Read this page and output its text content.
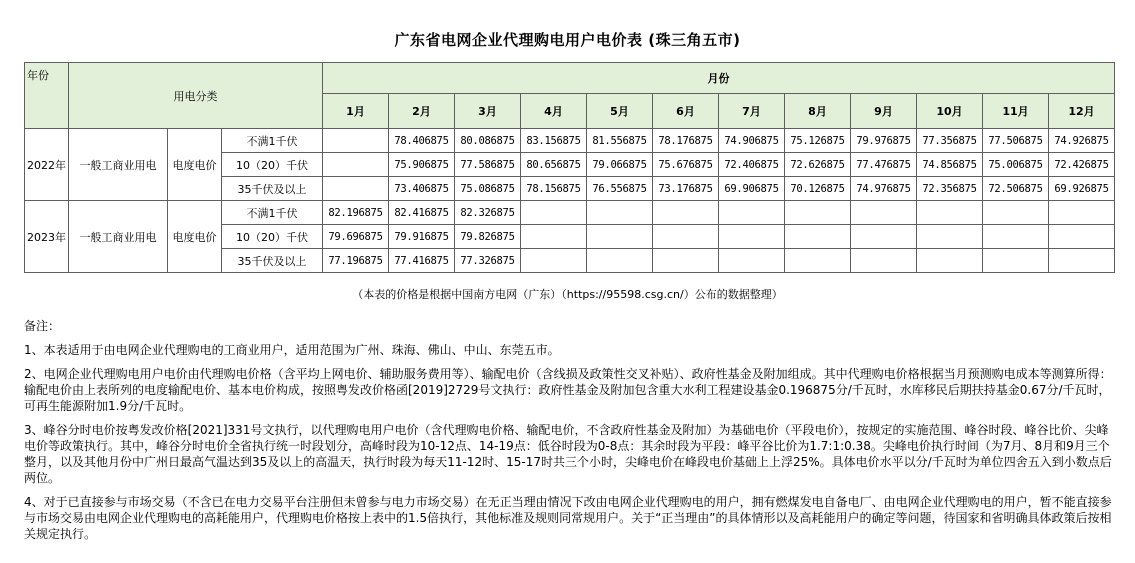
广东省电网企业代理购电用户电价表 (珠三角五市)
年份	用电分类			月份											
				1月	2月	3月	4月	5月	6月	7月	8月	9月	10月	11月	12月
2022年	一般工商业用电	电度电价	不满1千伏		78.406875	80.086875	83.156875	81.556875	78.176875	74.906875	75.126875	79.976875	77.356875	77.506875	74.926875
			10（20）千伏		75.906875	77.586875	80.656875	79.066875	75.676875	72.406875	72.626875	77.476875	74.856875	75.006875	72.426875
			35千伏及以上		73.406875	75.086875	78.156875	76.556875	73.176875	69.906875	70.126875	74.976875	72.356875	72.506875	69.926875
2023年	一般工商业用电	电度电价	不满1千伏	82.196875	82.416875	82.326875									
			10（20）千伏	79.696875	79.916875	79.826875									
			35千伏及以上	77.196875	77.416875	77.326875									
（本表的价格是根据中国南方电网（广东）（https://95598.csg.cn/）公布的数据整理）

备注：

1、本表适用于由电网企业代理购电的工商业用户，适用范围为广州、珠海、佛山、中山、东莞五市。

2、电网企业代理购电用户电价由代理购电价格（含平均上网电价、辅助服务费用等）、输配电价（含线损及政策性交叉补贴）、政府性基金及附加组成。其中代理购电价格根据当月预测购电成本等测算所得：输配电价由上表所列的电度输配电价、基本电价构成，按照粤发改价格函[2019]2729号文执行：政府性基金及附加包含重大水利工程建设基金0.196875分/千瓦时，水库移民后期扶持基金0.67分/千瓦时，可再生能源附加1.9分/千瓦时。

3、峰谷分时电价按粤发改价格[2021]331号文执行，以代理购电用户电价（含代理购电价格、输配电价，不含政府性基金及附加）为基础电价（平段电价），按规定的实施范围、峰谷时段、峰谷比价、尖峰电价等政策执行。其中，峰谷分时电价全省执行统一时段划分，高峰时段为10-12点、14-19点：低谷时段为0-8点：其余时段为平段：峰平谷比价为1.7:1:0.38。尖峰电价执行时间（为7月、8月和9月三个整月，以及其他月份中广州日最高气温达到35及以上的高温天，执行时段为每天11-12时、15-17时共三个小时，尖峰电价在峰段电价基础上上浮25%。具体电价水平以分/千瓦时为单位四舍五入到小数点后两位。

4、对于已直接参与市场交易（不含已在电力交易平台注册但未曾参与电力市场交易）在无正当理由情况下改由电网企业代理购电的用户，拥有燃煤发电自备电厂、由电网企业代理购电的用户，暂不能直接参与市场交易由电网企业代理购电的高耗能用户，代理购电价格按上表中的1.5倍执行，其他标准及规则同常规用户。关于“正当理由”的具体情形以及高耗能用户的确定等问题，待国家和省明确具体政策后按相关规定执行。
